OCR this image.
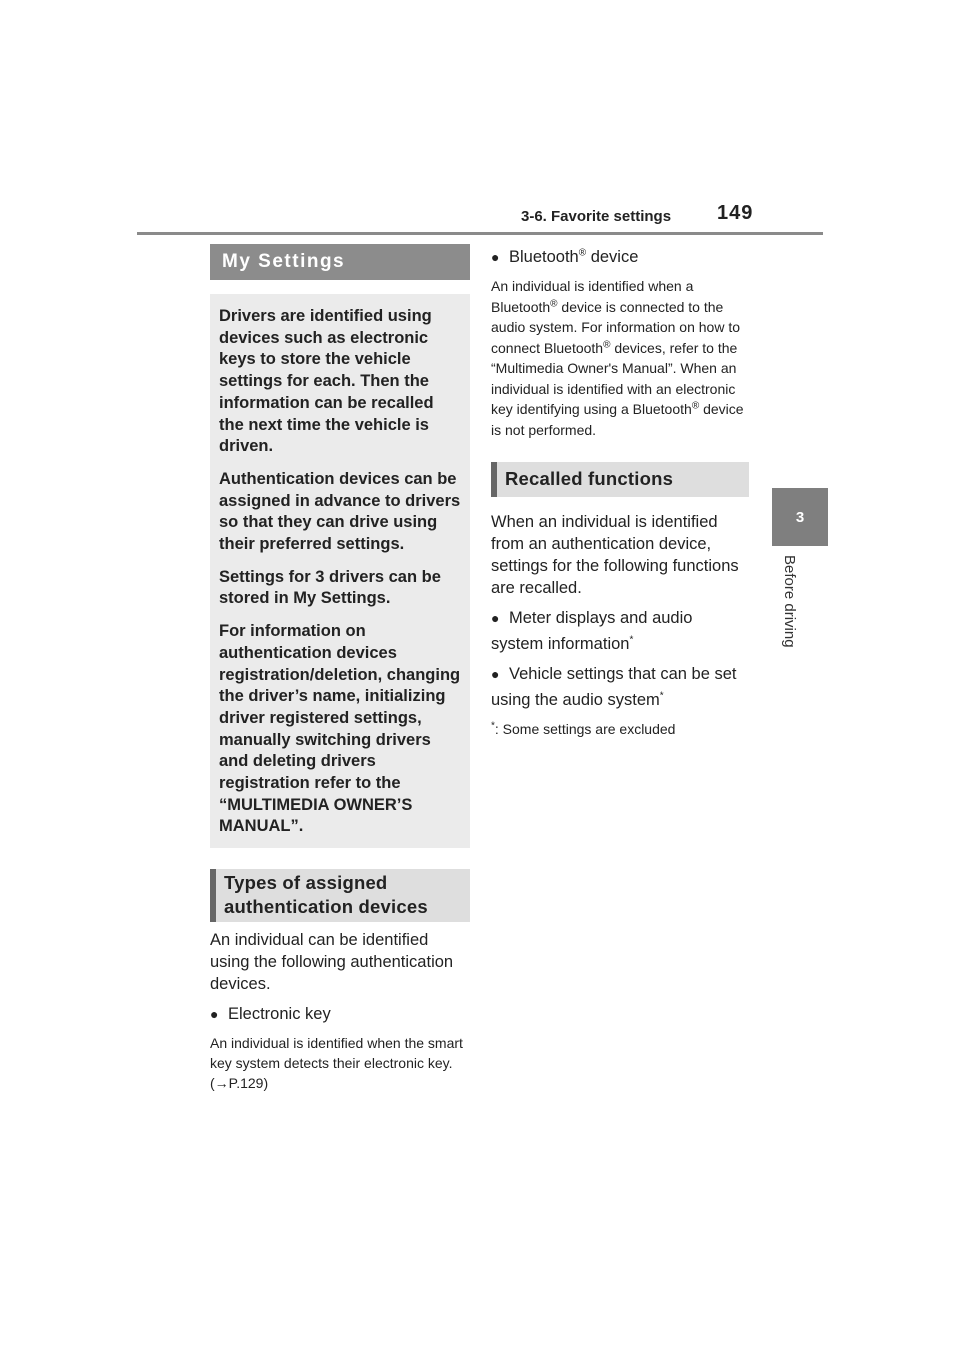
3-6. Favorite settings 149
3
Before driving
My Settings

Drivers are identified using devices such as electronic keys to store the vehicle settings for each. Then the information can be recalled the next time the vehicle is driven.

Authentication devices can be assigned in advance to drivers so that they can drive using their preferred settings.

Settings for 3 drivers can be stored in My Settings.

For information on authentication devices registration/deletion, changing the driver’s name, initializing driver registered settings, manually switching drivers and deleting drivers registration refer to the “MULTIMEDIA OWNER’S MANUAL”.

Types of assigned authentication devices

An individual can be identified using the following authentication devices.

● Electronic key

An individual is identified when the smart key system detects their electronic key. (→P.129)

● Bluetooth® device

An individual is identified when a Bluetooth® device is connected to the audio system. For information on how to connect Bluetooth® devices, refer to the “Multimedia Owner's Manual”. When an individual is identified with an electronic key identifying using a Bluetooth® device is not performed.

Recalled functions

When an individual is identified from an authentication device, settings for the following functions are recalled.

● Meter displays and audio system information*

● Vehicle settings that can be set using the audio system*

*: Some settings are excluded
